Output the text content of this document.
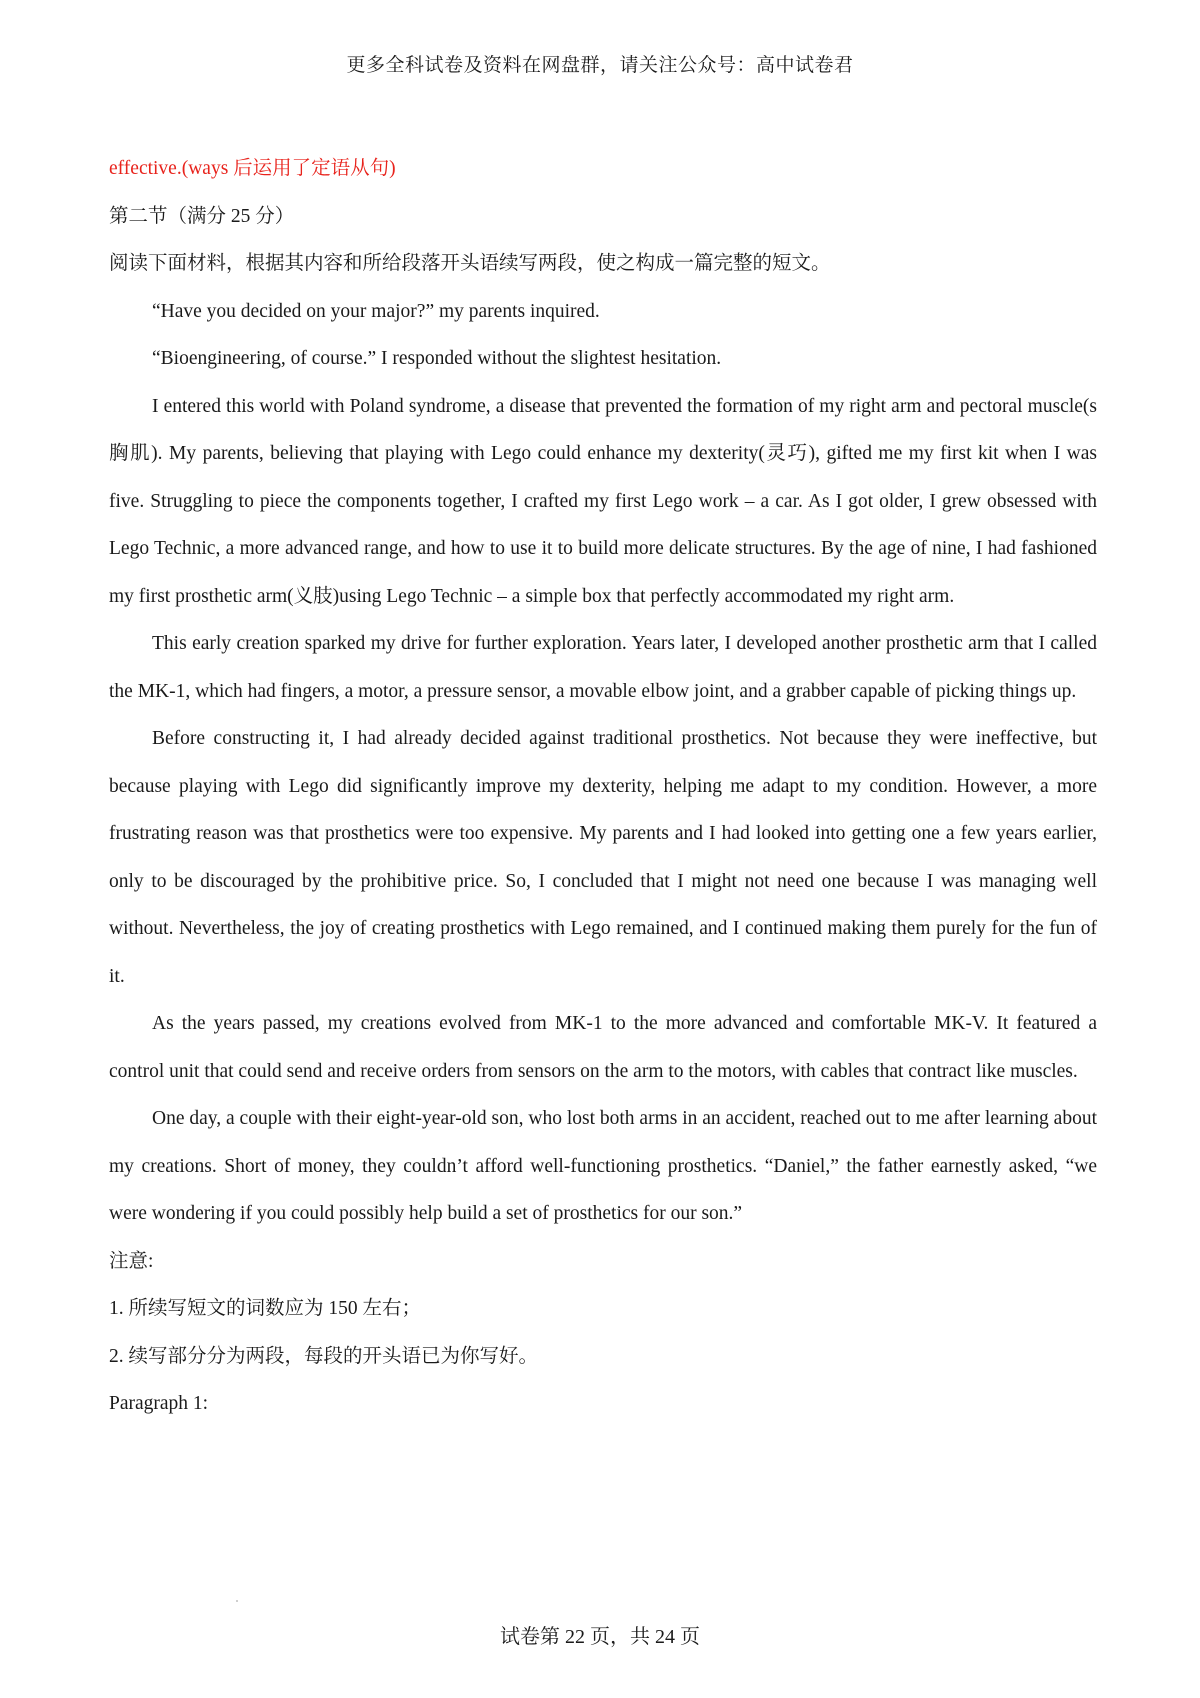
更多全科试卷及资料在网盘群，请关注公众号：高中试卷君

effective.(ways 后运用了定语从句)

第二节（满分 25 分）

阅读下面材料，根据其内容和所给段落开头语续写两段，使之构成一篇完整的短文。

“Have you decided on your major?” my parents inquired.

“Bioengineering, of course.” I responded without the slightest hesitation.

I entered this world with Poland syndrome, a disease that prevented the formation of my right arm and pectoral muscle(s 胸肌). My parents, believing that playing with Lego could enhance my dexterity(灵巧), gifted me my first kit when I was five. Struggling to piece the components together, I crafted my first Lego work – a car. As I got older, I grew obsessed with Lego Technic, a more advanced range, and how to use it to build more delicate structures. By the age of nine, I had fashioned my first prosthetic arm(义肢)using Lego Technic – a simple box that perfectly accommodated my right arm.

This early creation sparked my drive for further exploration. Years later, I developed another prosthetic arm that I called the MK-1, which had fingers, a motor, a pressure sensor, a movable elbow joint, and a grabber capable of picking things up.

Before constructing it, I had already decided against traditional prosthetics. Not because they were ineffective, but because playing with Lego did significantly improve my dexterity, helping me adapt to my condition. However, a more frustrating reason was that prosthetics were too expensive. My parents and I had looked into getting one a few years earlier, only to be discouraged by the prohibitive price. So, I concluded that I might not need one because I was managing well without. Nevertheless, the joy of creating prosthetics with Lego remained, and I continued making them purely for the fun of it.

As the years passed, my creations evolved from MK-1 to the more advanced and comfortable MK-V. It featured a control unit that could send and receive orders from sensors on the arm to the motors, with cables that contract like muscles.

One day, a couple with their eight-year-old son, who lost both arms in an accident, reached out to me after learning about my creations. Short of money, they couldn’t afford well-functioning prosthetics. “Daniel,” the father earnestly asked, “we were wondering if you could possibly help build a set of prosthetics for our son.”

注意:

1. 所续写短文的词数应为 150 左右；

2. 续写部分分为两段，每段的开头语已为你写好。

Paragraph 1:

试卷第 22 页，共 24 页
